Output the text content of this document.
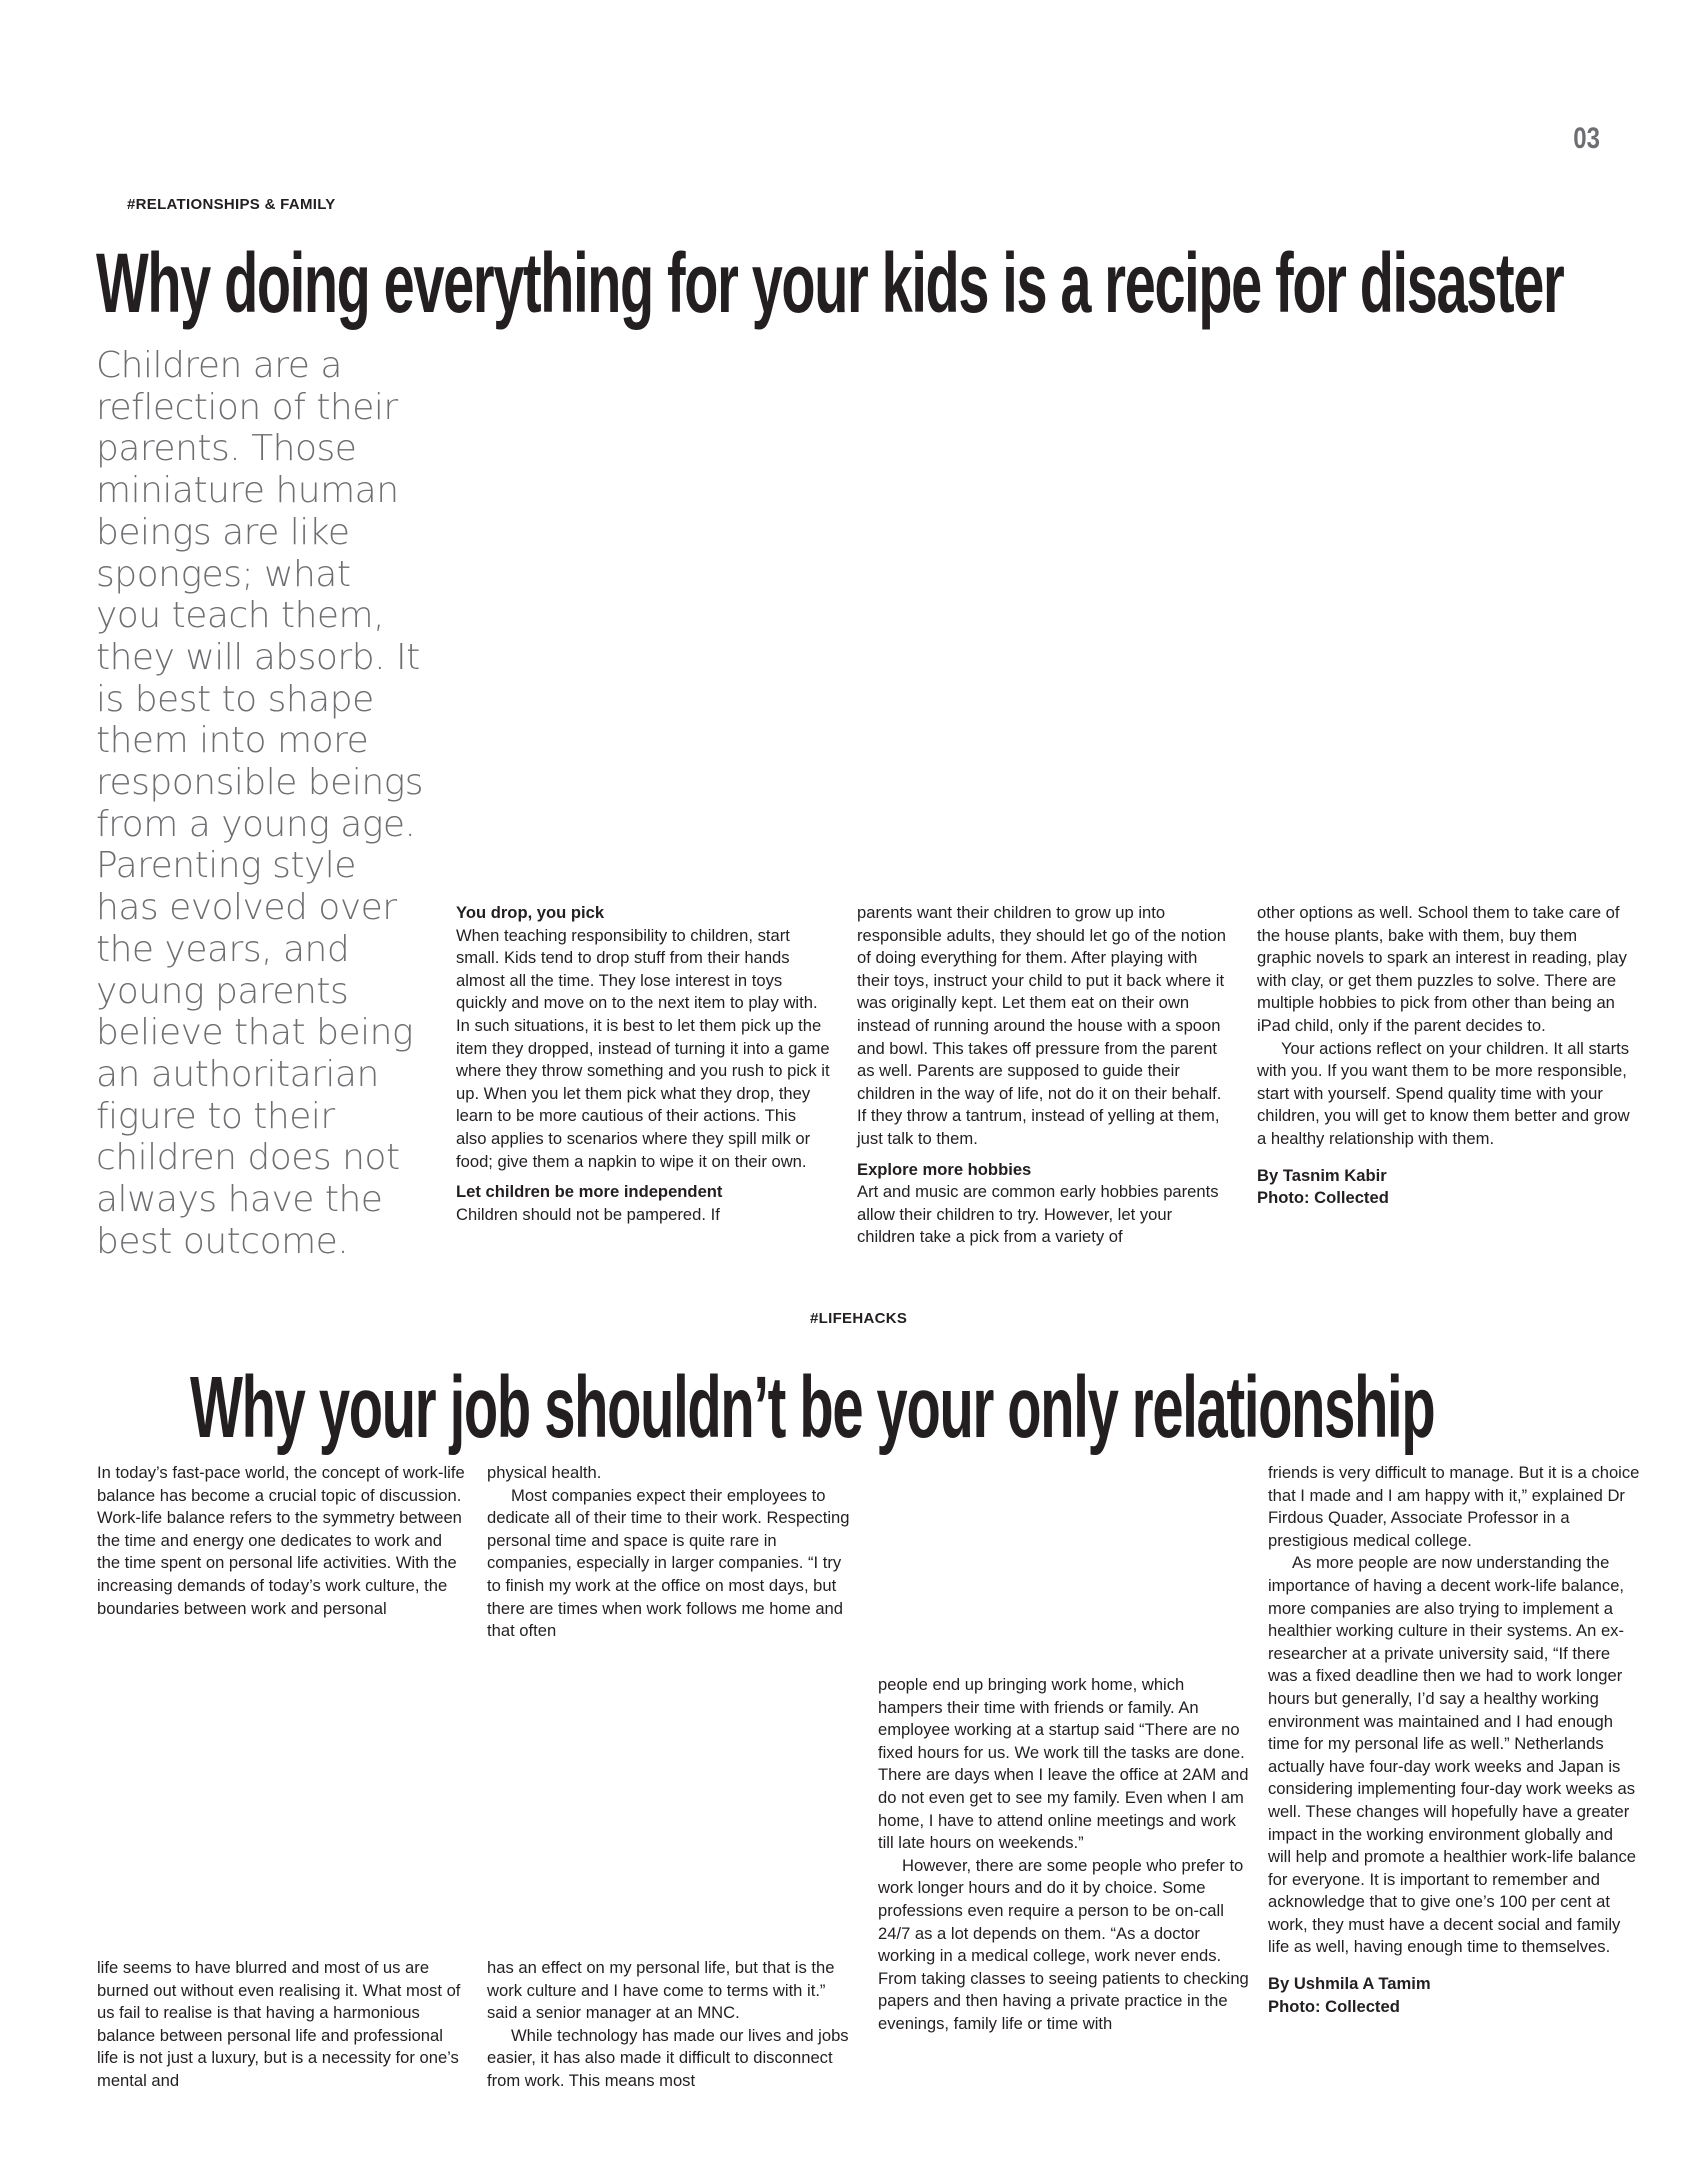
03
#RELATIONSHIPS & FAMILY
Why doing everything for your kids is a recipe for disaster
Children are a reflection of their parents. Those miniature human beings are like sponges; what you teach them, they will absorb. It is best to shape them into more responsible beings from a young age. Parenting style has evolved over the years, and young parents believe that being an authoritarian figure to their children does not always have the best outcome.

You drop, you pick

When teaching responsibility to children, start small. Kids tend to drop stuff from their hands almost all the time. They lose interest in toys quickly and move on to the next item to play with. In such situations, it is best to let them pick up the item they dropped, instead of turning it into a game where they throw something and you rush to pick it up. When you let them pick what they drop, they learn to be more cautious of their actions. This also applies to scenarios where they spill milk or food; give them a napkin to wipe it on their own.

Let children be more independent

Children should not be pampered. If

parents want their children to grow up into responsible adults, they should let go of the notion of doing everything for them. After playing with their toys, instruct your child to put it back where it was originally kept. Let them eat on their own instead of running around the house with a spoon and bowl. This takes off pressure from the parent as well. Parents are supposed to guide their children in the way of life, not do it on their behalf. If they throw a tantrum, instead of yelling at them, just talk to them.

Explore more hobbies

Art and music are common early hobbies parents allow their children to try. However, let your children take a pick from a variety of

other options as well. School them to take care of the house plants, bake with them, buy them graphic novels to spark an interest in reading, play with clay, or get them puzzles to solve. There are multiple hobbies to pick from other than being an iPad child, only if the parent decides to.

Your actions reflect on your children. It all starts with you. If you want them to be more responsible, start with yourself. Spend quality time with your children, you will get to know them better and grow a healthy relationship with them.

By Tasnim Kabir

Photo: Collected

#LIFEHACKS
Why your job shouldn’t be your only relationship

In today’s fast-pace world, the concept of work-life balance has become a crucial topic of discussion. Work-life balance refers to the symmetry between the time and energy one dedicates to work and the time spent on personal life activities. With the increasing demands of today’s work culture, the boundaries between work and personal

life seems to have blurred and most of us are burned out without even realising it. What most of us fail to realise is that having a harmonious balance between personal life and professional life is not just a luxury, but is a necessity for one’s mental and

physical health.

Most companies expect their employees to dedicate all of their time to their work. Respecting personal time and space is quite rare in companies, especially in larger companies. “I try to finish my work at the office on most days, but there are times when work follows me home and that often

has an effect on my personal life, but that is the work culture and I have come to terms with it.” said a senior manager at an MNC.

While technology has made our lives and jobs easier, it has also made it difficult to disconnect from work. This means most

people end up bringing work home, which hampers their time with friends or family. An employee working at a startup said “There are no fixed hours for us. We work till the tasks are done. There are days when I leave the office at 2AM and do not even get to see my family. Even when I am home, I have to attend online meetings and work till late hours on weekends.”

However, there are some people who prefer to work longer hours and do it by choice. Some professions even require a person to be on-call 24/7 as a lot depends on them. “As a doctor working in a medical college, work never ends. From taking classes to seeing patients to checking papers and then having a private practice in the evenings, family life or time with

friends is very difficult to manage. But it is a choice that I made and I am happy with it,” explained Dr Firdous Quader, Associate Professor in a prestigious medical college.

As more people are now understanding the importance of having a decent work-life balance, more companies are also trying to implement a healthier working culture in their systems. An ex-researcher at a private university said, “If there was a fixed deadline then we had to work longer hours but generally, I’d say a healthy working environment was maintained and I had enough time for my personal life as well.” Netherlands actually have four-day work weeks and Japan is considering implementing four-day work weeks as well. These changes will hopefully have a greater impact in the working environment globally and will help and promote a healthier work-life balance for everyone. It is important to remember and acknowledge that to give one’s 100 per cent at work, they must have a decent social and family life as well, having enough time to themselves.

By Ushmila A Tamim

Photo: Collected
